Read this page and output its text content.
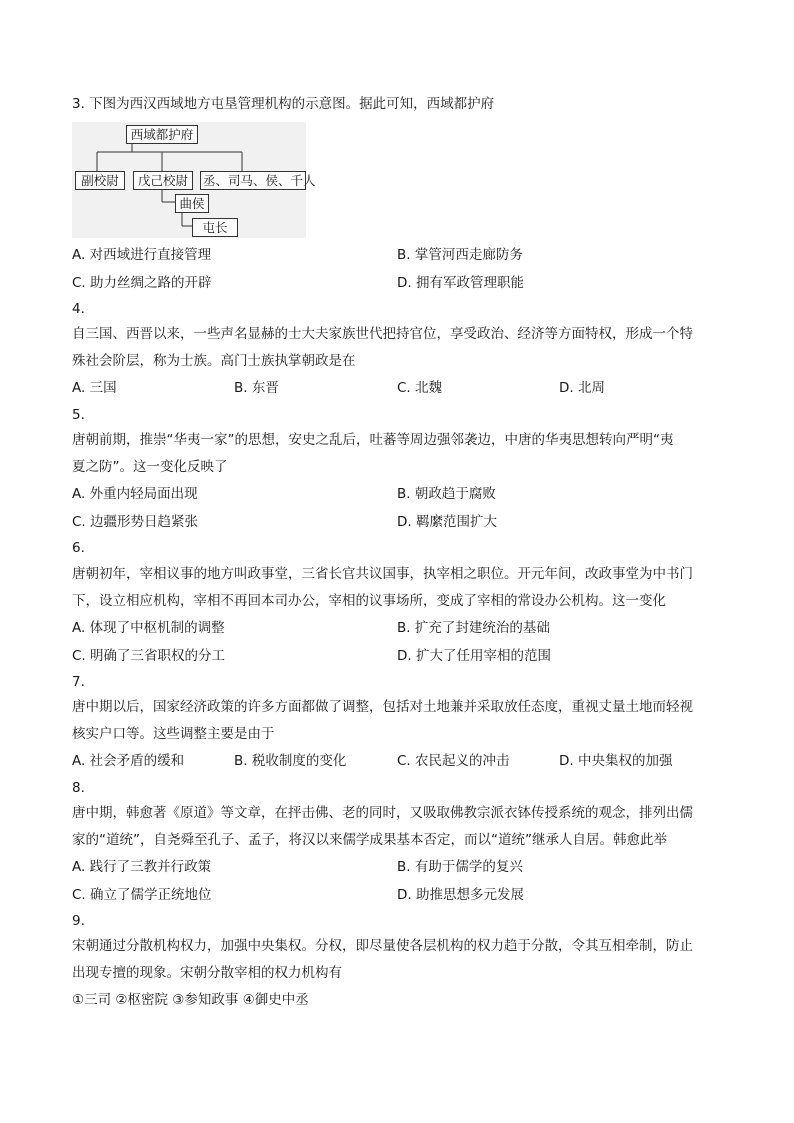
3. 下图为西汉西域地方屯垦管理机构的示意图。据此可知，西域都护府
西域都护府
副校尉	戊己校尉	丞、司马、侯、千人
曲侯
屯长
A. 对西域进行直接管理	B. 掌管河西走廊防务
C. 助力丝绸之路的开辟	D. 拥有军政管理职能
4.
自三国、西晋以来，一些声名显赫的士大夫家族世代把持官位，享受政治、经济等方面特权，形成一个特
殊社会阶层，称为士族。高门士族执掌朝政是在
A. 三国	B. 东晋	C. 北魏	D. 北周
5.
唐朝前期，推崇“华夷一家”的思想，安史之乱后，吐蕃等周边强邻袭边，中唐的华夷思想转向严明“夷
夏之防”。这一变化反映了
A. 外重内轻局面出现	B. 朝政趋于腐败
C. 边疆形势日趋紧张	D. 羁縻范围扩大
6.
唐朝初年，宰相议事的地方叫政事堂，三省长官共议国事，执宰相之职位。开元年间，改政事堂为中书门
下，设立相应机构，宰相不再回本司办公，宰相的议事场所，变成了宰相的常设办公机构。这一变化
A. 体现了中枢机制的调整	B. 扩充了封建统治的基础
C. 明确了三省职权的分工	D. 扩大了任用宰相的范围
7.
唐中期以后，国家经济政策的许多方面都做了调整，包括对土地兼并采取放任态度，重视丈量土地而轻视
核实户口等。这些调整主要是由于
A. 社会矛盾的缓和	B. 税收制度的变化	C. 农民起义的冲击	D. 中央集权的加强
8.
唐中期，韩愈著《原道》等文章，在抨击佛、老的同时，又吸取佛教宗派衣钵传授系统的观念，排列出儒
家的“道统”，自尧舜至孔子、孟子，将汉以来儒学成果基本否定，而以“道统”继承人自居。韩愈此举
A. 践行了三教并行政策	B. 有助于儒学的复兴
C. 确立了儒学正统地位	D. 助推思想多元发展
9.
宋朝通过分散机构权力，加强中央集权。分权，即尽量使各层机构的权力趋于分散，令其互相牵制，防止
出现专擅的现象。宋朝分散宰相的权力机构有
①三司 ②枢密院 ③参知政事 ④御史中丞
